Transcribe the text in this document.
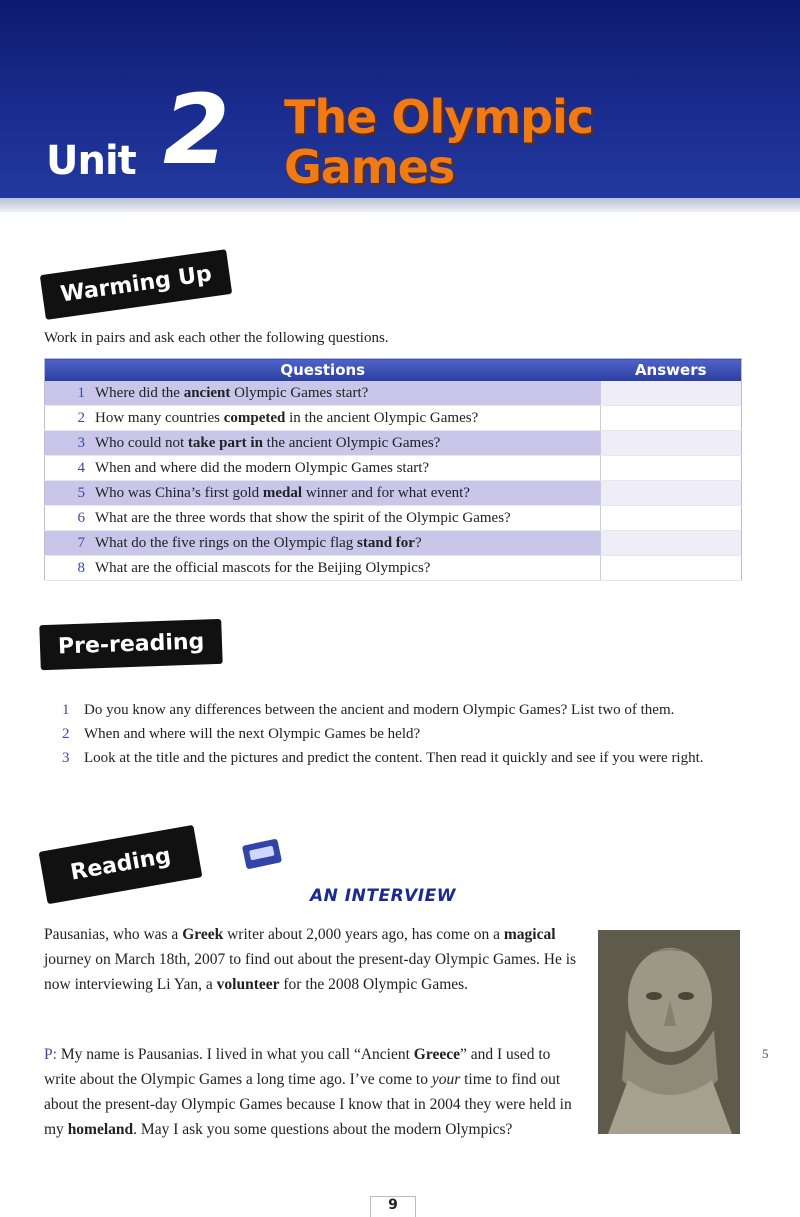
Unit 2 The Olympic
Games
Warming Up
Work in pairs and ask each other the following questions.
Questions		Answers
1	Where did the ancient Olympic Games start?	
2	How many countries competed in the ancient Olympic Games?	
3	Who could not take part in the ancient Olympic Games?	
4	When and where did the modern Olympic Games start?	
5	Who was China’s first gold medal winner and for what event?	
6	What are the three words that show the spirit of the Olympic Games?	
7	What do the five rings on the Olympic flag stand for?	
8	What are the official mascots for the Beijing Olympics?	
Pre-reading
1 Do you know any differences between the ancient and modern Olympic Games? List two of them.
2 When and where will the next Olympic Games be held?
3 Look at the title and the pictures and predict the content. Then read it quickly and see if you were right.
Reading
AN INTERVIEW
Pausanias, who was a Greek writer about 2,000 years ago, has come on a magical journey on March 18th, 2007 to find out about the present-day Olympic Games. He is now interviewing Li Yan, a volunteer for the 2008 Olympic Games.
P: My name is Pausanias. I lived in what you call “Ancient Greece” and I used to write about the Olympic Games a long time ago. I’ve come to your time to find out about the present-day Olympic Games because I know that in 2004 they were held in my homeland. May I ask you some questions about the modern Olympics?
5
9
